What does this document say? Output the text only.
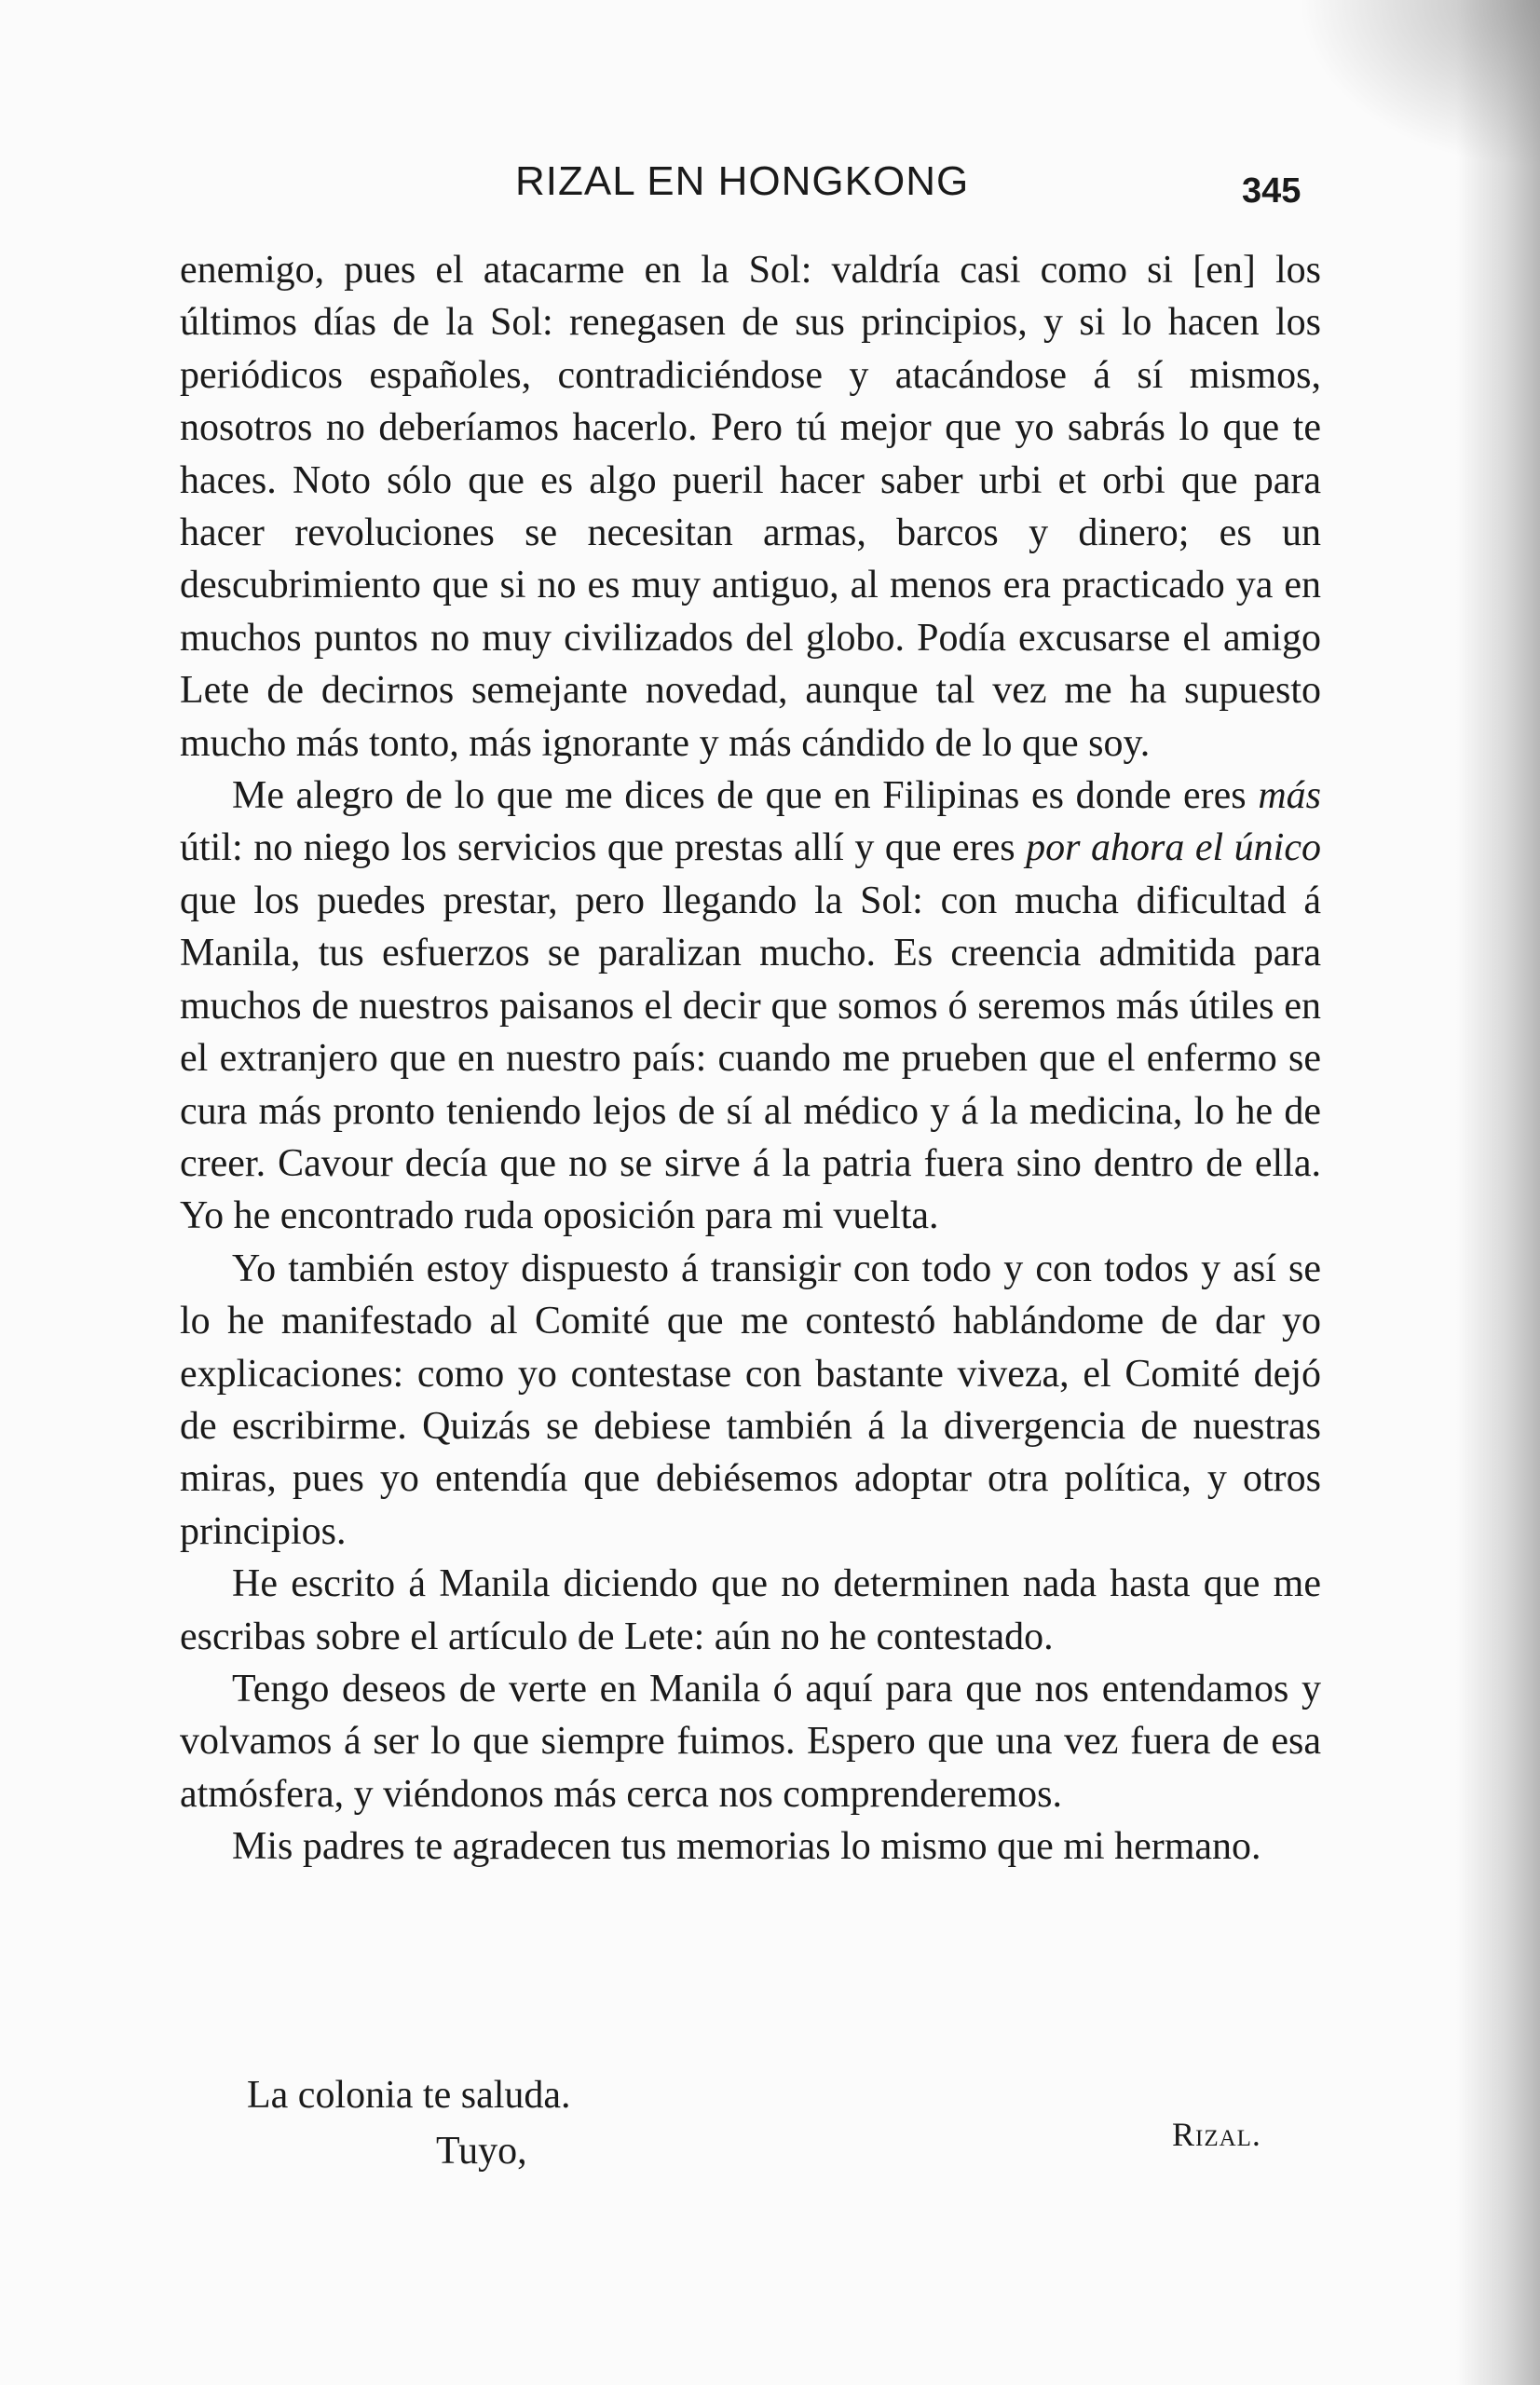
RIZAL EN HONGKONG	345

enemigo, pues el atacarme en la Sol: valdría casi como si [en] los últimos días de la Sol: renegasen de sus principios, y si lo hacen los periódicos españoles, contradiciéndose y atacándose á sí mismos, nosotros no deberíamos hacerlo. Pero tú mejor que yo sabrás lo que te haces. Noto sólo que es algo pueril hacer saber urbi et orbi que para hacer revoluciones se necesitan armas, barcos y dinero; es un descubrimiento que si no es muy antiguo, al menos era practicado ya en muchos puntos no muy civilizados del globo. Podía excusarse el amigo Lete de decirnos semejante novedad, aunque tal vez me ha supuesto mucho más tonto, más ignorante y más cándido de lo que soy.

Me alegro de lo que me dices de que en Filipinas es donde eres más útil: no niego los servicios que prestas allí y que eres por ahora el único que los puedes prestar, pero llegando la Sol: con mucha dificultad á Manila, tus esfuerzos se paralizan mucho. Es creencia admitida para muchos de nuestros paisanos el decir que somos ó seremos más útiles en el extranjero que en nuestro país: cuando me prueben que el enfermo se cura más pronto teniendo lejos de sí al médico y á la medicina, lo he de creer. Cavour decía que no se sirve á la patria fuera sino dentro de ella. Yo he encontrado ruda oposición para mi vuelta.

Yo también estoy dispuesto á transigir con todo y con todos y así se lo he manifestado al Comité que me contestó hablándome de dar yo explicaciones: como yo contestase con bastante viveza, el Comité dejó de escribirme. Quizás se debiese también á la divergencia de nuestras miras, pues yo entendía que debiésemos adoptar otra política, y otros principios.

He escrito á Manila diciendo que no determinen nada hasta que me escribas sobre el artículo de Lete: aún no he contestado.

Tengo deseos de verte en Manila ó aquí para que nos entendamos y volvamos á ser lo que siempre fuimos. Espero que una vez fuera de esa atmósfera, y viéndonos más cerca nos comprenderemos.

Mis padres te agradecen tus memorias lo mismo que mi hermano.

La colonia te saluda.
Tuyo,	Rizal.
